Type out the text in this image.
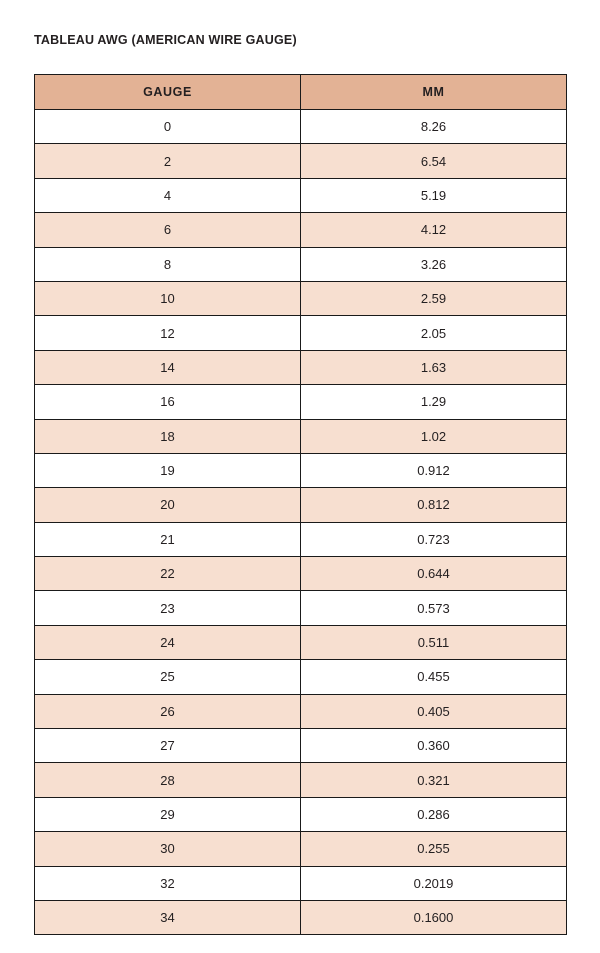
TABLEAU AWG (AMERICAN WIRE GAUGE)
GAUGE	MM
0	8.26
2	6.54
4	5.19
6	4.12
8	3.26
10	2.59
12	2.05
14	1.63
16	1.29
18	1.02
19	0.912
20	0.812
21	0.723
22	0.644
23	0.573
24	0.511
25	0.455
26	0.405
27	0.360
28	0.321
29	0.286
30	0.255
32	0.2019
34	0.1600
